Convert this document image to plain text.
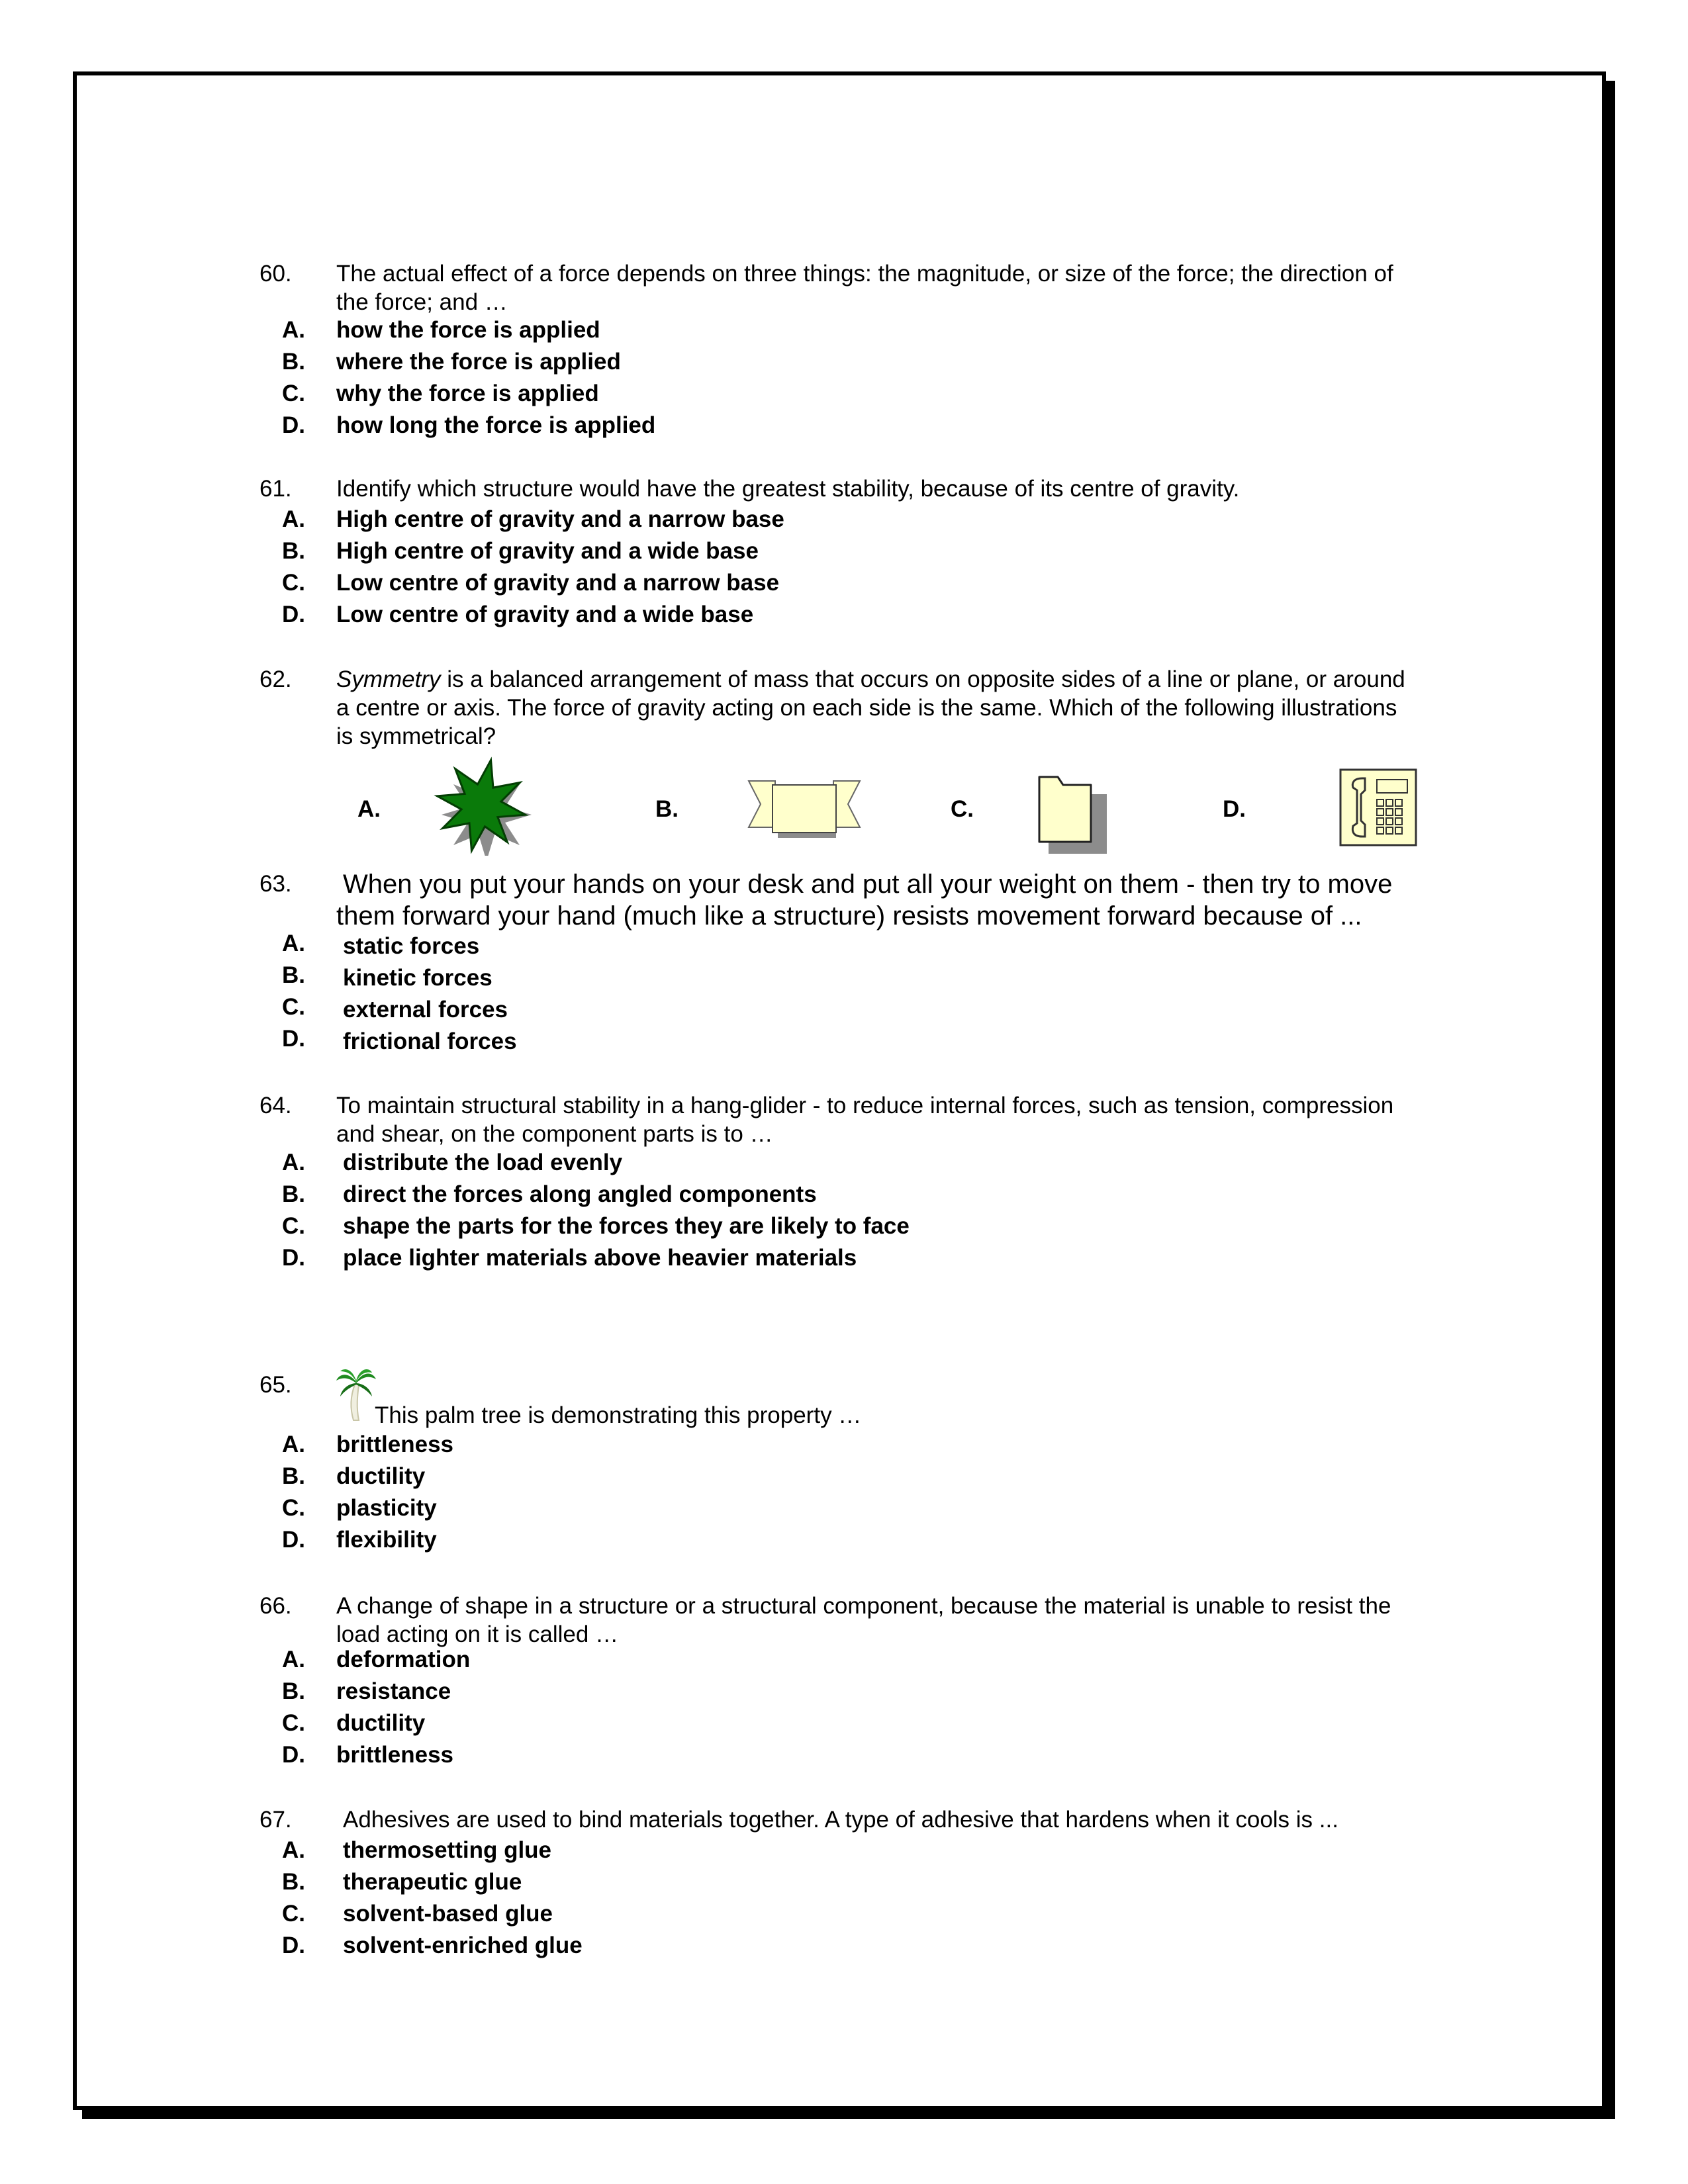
60. The actual effect of a force depends on three things: the magnitude, or size of the force; the direction of
the force; and …
A. how the force is applied
B. where the force is applied
C. why the force is applied
D. how long the force is applied
61. Identify which structure would have the greatest stability, because of its centre of gravity.
A. High centre of gravity and a narrow base
B. High centre of gravity and a wide base
C. Low centre of gravity and a narrow base
D. Low centre of gravity and a wide base
62. Symmetry is a balanced arrangement of mass that occurs on opposite sides of a line or plane, or around
a centre or axis. The force of gravity acting on each side is the same. Which of the following illustrations
is symmetrical?
A.	B.	C.	D.
63. When you put your hands on your desk and put all your weight on them - then try to move
them forward your hand (much like a structure) resists movement forward because of ...
A. static forces
B. kinetic forces
C. external forces
D. frictional forces
64. To maintain structural stability in a hang-glider - to reduce internal forces, such as tension, compression
and shear, on the component parts is to …
A. distribute the load evenly
B. direct the forces along angled components
C. shape the parts for the forces they are likely to face
D. place lighter materials above heavier materials
65.
This palm tree is demonstrating this property …
A. brittleness
B. ductility
C. plasticity
D. flexibility
66. A change of shape in a structure or a structural component, because the material is unable to resist the
load acting on it is called …
A. deformation
B. resistance
C. ductility
D. brittleness
67. Adhesives are used to bind materials together. A type of adhesive that hardens when it cools is ...
A. thermosetting glue
B. therapeutic glue
C. solvent-based glue
D. solvent-enriched glue
